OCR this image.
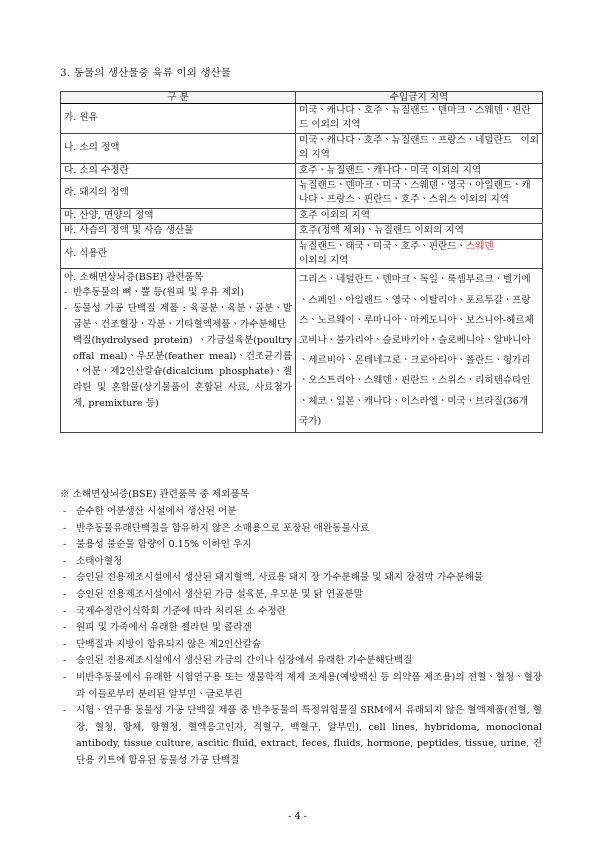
3. 동물의 생산물중 육류 이외 생산물
구 분	수입금지 지역
가. 원유	미국ㆍ캐나다ㆍ호주ㆍ뉴질랜드ㆍ덴마크ㆍ스웨덴ㆍ핀란드 이외의 지역
나. 소의 정액	미국ㆍ캐나다ㆍ호주ㆍ뉴질랜드ㆍ프랑스ㆍ네덜란드 이외의 지역
다. 소의 수정란	호주ㆍ뉴질랜드ㆍ캐나다ㆍ미국 이외의 지역
라. 돼지의 정액	뉴질랜드ㆍ덴마크ㆍ미국ㆍ스웨덴ㆍ영국ㆍ아일랜드ㆍ캐나다ㆍ프랑스ㆍ핀란드ㆍ호주ㆍ스위스 이외의 지역
마. 산양, 면양의 정액	호주 이외의 지역
바. 사슴의 정액 및 사슴 생산물	호주(정액 제외)ㆍ뉴질랜드 이외의 지역
사. 식용란	뉴질랜드ㆍ태국ㆍ미국ㆍ호주ㆍ핀란드ㆍ스웨덴
이외의 지역

아. 소해면상뇌증(BSE) 관련품목
- 반추동물의 뼈ㆍ뿔 등(원피 및 우유 제외)
- 동물성 가공 단백질 제품 : 육골분ㆍ육분ㆍ골분ㆍ발굽분ㆍ건조혈장ㆍ각분ㆍ기타혈액제품ㆍ가수분해단백질(hydrolysed protein) ㆍ가금설육분(poultry offal meal)ㆍ우모분(feather meal)ㆍ건조균기름ㆍ어분ㆍ제2인산칼슘(dicalcium phosphate)ㆍ젤라틴 및 혼합물(상기물품이 혼합된 사료, 사료첨가제, premixture 등)	그리스ㆍ네덜란드ㆍ덴마크ㆍ독일ㆍ룩셈부르크ㆍ벨기에ㆍ스페인ㆍ아일랜드ㆍ영국ㆍ이탈리아ㆍ포르투갈ㆍ프랑스ㆍ노르웨이ㆍ루마니아ㆍ마케도니아ㆍ보스니아-헤르체고비나ㆍ불가리아ㆍ슬로바키아ㆍ슬로베니아ㆍ알바니아ㆍ세르비아ㆍ몬테네그로ㆍ크로아티아ㆍ폴란드ㆍ헝가리ㆍ오스트리아ㆍ스웨덴ㆍ핀란드ㆍ스위스ㆍ리히텐슈타인ㆍ체코ㆍ일본ㆍ캐나다ㆍ이스라엘ㆍ미국ㆍ브라질(36개 국가)
※ 소해면상뇌증(BSE) 관련품목 중 제외품목
-	순수한 어분생산 시설에서 생산된 어분
-	반추동물유래단백질을 함유하지 않은 소매용으로 포장된 애완동물사료
-	불용성 불순물 함량이 0.15% 이하인 우지
-	소태아혈청
-	승인된 전용제조시설에서 생산된 돼지혈액, 사료용 돼지 장 가수분해물 및 돼지 장점막 가수분해물
-	승인된 전용제조시설에서 생산된 가금 설육분, 우모분 및 닭 연골분말
-	국제수정란이식학회 기준에 따라 처리된 소 수정란
-	원피 및 가죽에서 유래한 젤라틴 및 콜라겐
-	단백질과 지방이 함유되지 않은 제2인산칼슘
-	승인된 전용제조시설에서 생산된 가금의 간이나 심장에서 유래한 가수분해단백질
-	비반추동물에서 유래한 시험연구용 또는 생물학적 제제 조제용(예방백신 등 의약품 제조용)의 전혈ㆍ혈청ㆍ혈장과 이들로부터 분리된 알부민ㆍ글로부린
-	시험ㆍ연구용 동물성 가공 단백질 제품 중 반추동물의 특정위험물질 SRM에서 유래되지 않은 혈액제품(전혈, 혈장, 혈청, 항체, 항혈청, 혈액응고인자, 적혈구, 백혈구, 알부민), cell lines, hybridoma, monoclonal antibody, tissue culture, ascitic fluid, extract, feces, fluids, hormone, peptides, tissue, urine, 진단용 키트에 함유된 동물성 가공 단백질
- 4 -
